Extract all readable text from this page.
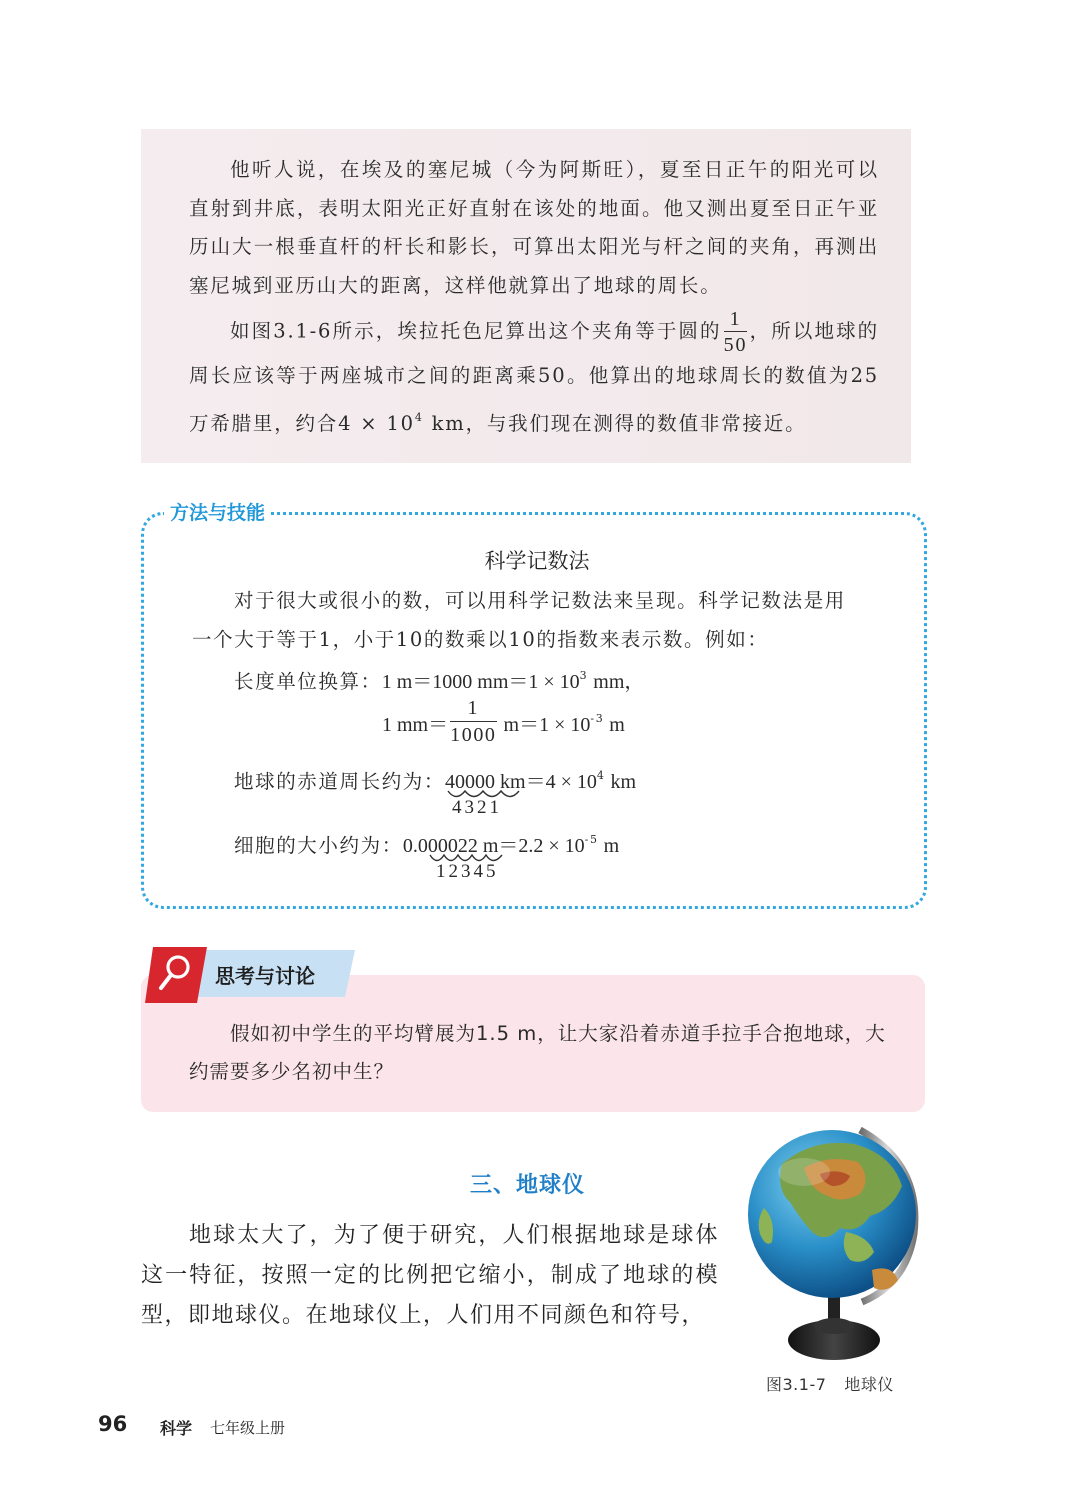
他听人说，在埃及的塞尼城（今为阿斯旺），夏至日正午的阳光可以直射到井底，表明太阳光正好直射在该处的地面。他又测出夏至日正午亚历山大一根垂直杆的杆长和影长，可算出太阳光与杆之间的夹角，再测出塞尼城到亚历山大的距离，这样他就算出了地球的周长。

如图3.1-6所示，埃拉托色尼算出这个夹角等于圆的 $\frac{1}{50}$ ，所以地球的周长应该等于两座城市之间的距离乘50。他算出的地球周长的数值为25万希腊里，约合$4 \times 10^4$ km，与我们现在测得的数值非常接近。

方法与技能
科学记数法
对于很大或很小的数，可以用科学记数法来呈现。科学记数法是用
一个大于等于1，小于10的数乘以10的指数来表示数。例如：
长度单位换算：1 m＝1000 $mm=1 \times 10^3$ mm，
1 $mm= \frac{1}{1000} m=1 \times 10^{-3}$ m
地球的赤道周长约为：40000 $km=4 \times 10^4$ km
4321
细胞的大小约为：0.000022 $m=2.2 \times 10^{-5}$ m
12345
假如初中学生的平均臂展为1.5 m，让大家沿着赤道手拉手合抱地球，大约需要多少名初中生？
思考与讨论
三、地球仪
地球太大了，为了便于研究，人们根据地球是球体这一特征，按照一定的比例把它缩小，制成了地球的模型，即地球仪。在地球仪上，人们用不同颜色和符号，
图3.1-7 地球仪
96 科学 七年级上册
